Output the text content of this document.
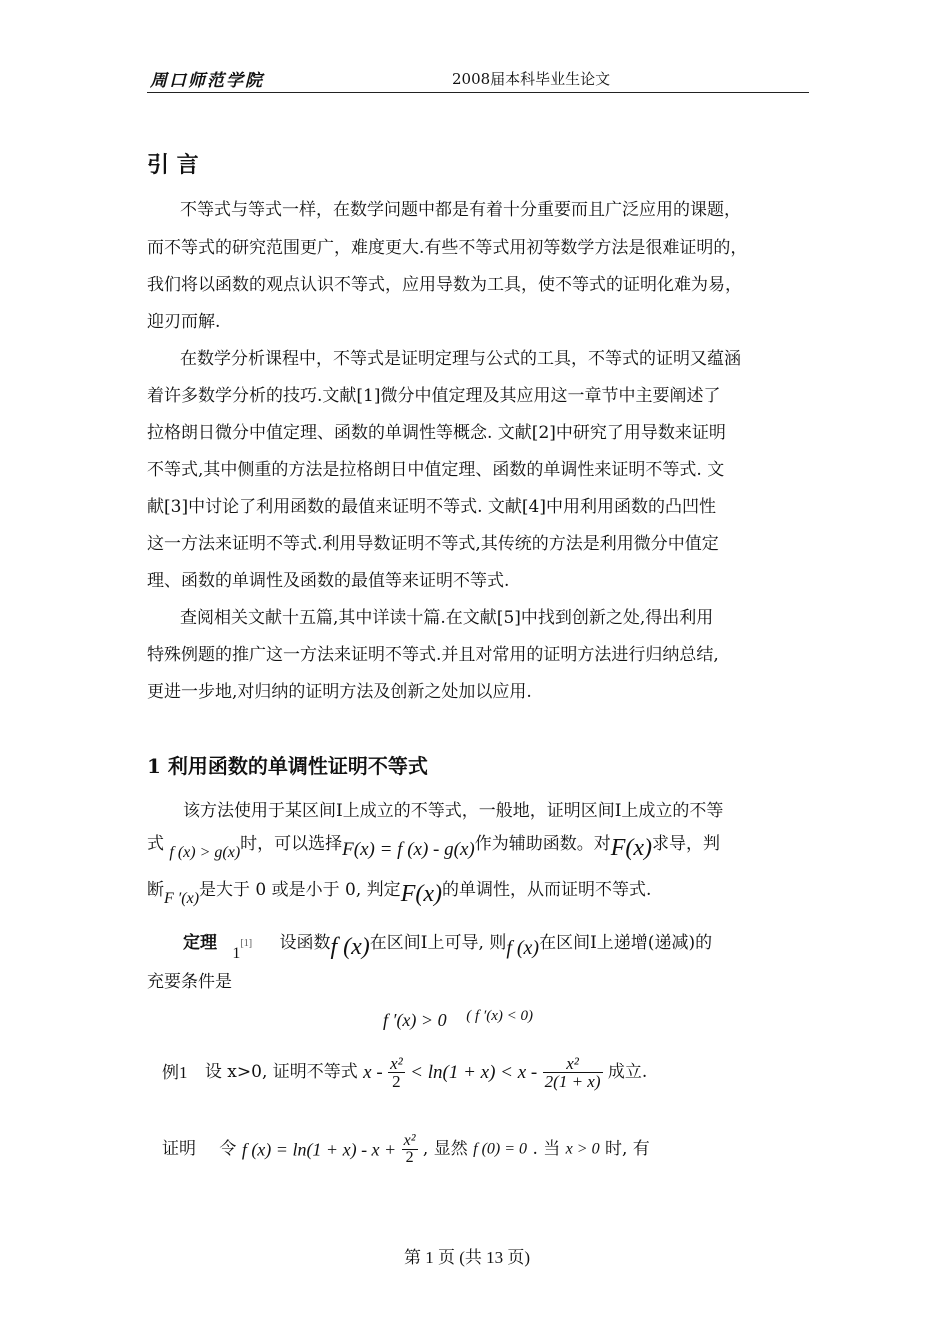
周口师范学院	2008届本科毕业生论文
引 言
不等式与等式一样，在数学问题中都是有着十分重要而且广泛应用的课题，
而不等式的研究范围更广，难度更大.有些不等式用初等数学方法是很难证明的，
我们将以函数的观点认识不等式，应用导数为工具，使不等式的证明化难为易，
迎刃而解.
在数学分析课程中，不等式是证明定理与公式的工具，不等式的证明又蕴涵
着许多数学分析的技巧.文献[1]微分中值定理及其应用这一章节中主要阐述了
拉格朗日微分中值定理、函数的单调性等概念. 文献[2]中研究了用导数来证明
不等式,其中侧重的方法是拉格朗日中值定理、函数的单调性来证明不等式. 文
献[3]中讨论了利用函数的最值来证明不等式. 文献[4]中用利用函数的凸凹性
这一方法来证明不等式.利用导数证明不等式,其传统的方法是利用微分中值定
理、函数的单调性及函数的最值等来证明不等式.
查阅相关文献十五篇,其中详读十篇.在文献[5]中找到创新之处,得出利用
特殊例题的推广这一方法来证明不等式.并且对常用的证明方法进行归纳总结,
更进一步地,对归纳的证明方法及创新之处加以应用.
1 利用函数的单调性证明不等式
该方法使用于某区间Ⅰ上成立的不等式，一般地，证明区间Ⅰ上成立的不等
式 f (x) > g(x)时，可以选择F(x) = f (x) - g(x)作为辅助函数。对F(x)求导，判
断F ′(x)是大于 0 或是小于 0, 判定F(x)的单调性，从而证明不等式.
定理 1[1] 设函数f (x)在区间Ⅰ上可导, 则f (x)在区间Ⅰ上递增(递减)的
充要条件是
f ′(x) > 0 $^{( f '(x) < 0)}$
例1 设 x>0, 证明不等式 $x - \frac{\text{x²}}{2} < \ln(1 + x) < x - \frac{\text{x²}}{2(1 + x)}$ 成立.
证明 令 f $(x) = \ln(1 + x) - x + \frac{\text{x²}}{2}$ , 显然 f (0) = 0 . 当 x > 0 时, 有
第 1 页 (共 13 页)
